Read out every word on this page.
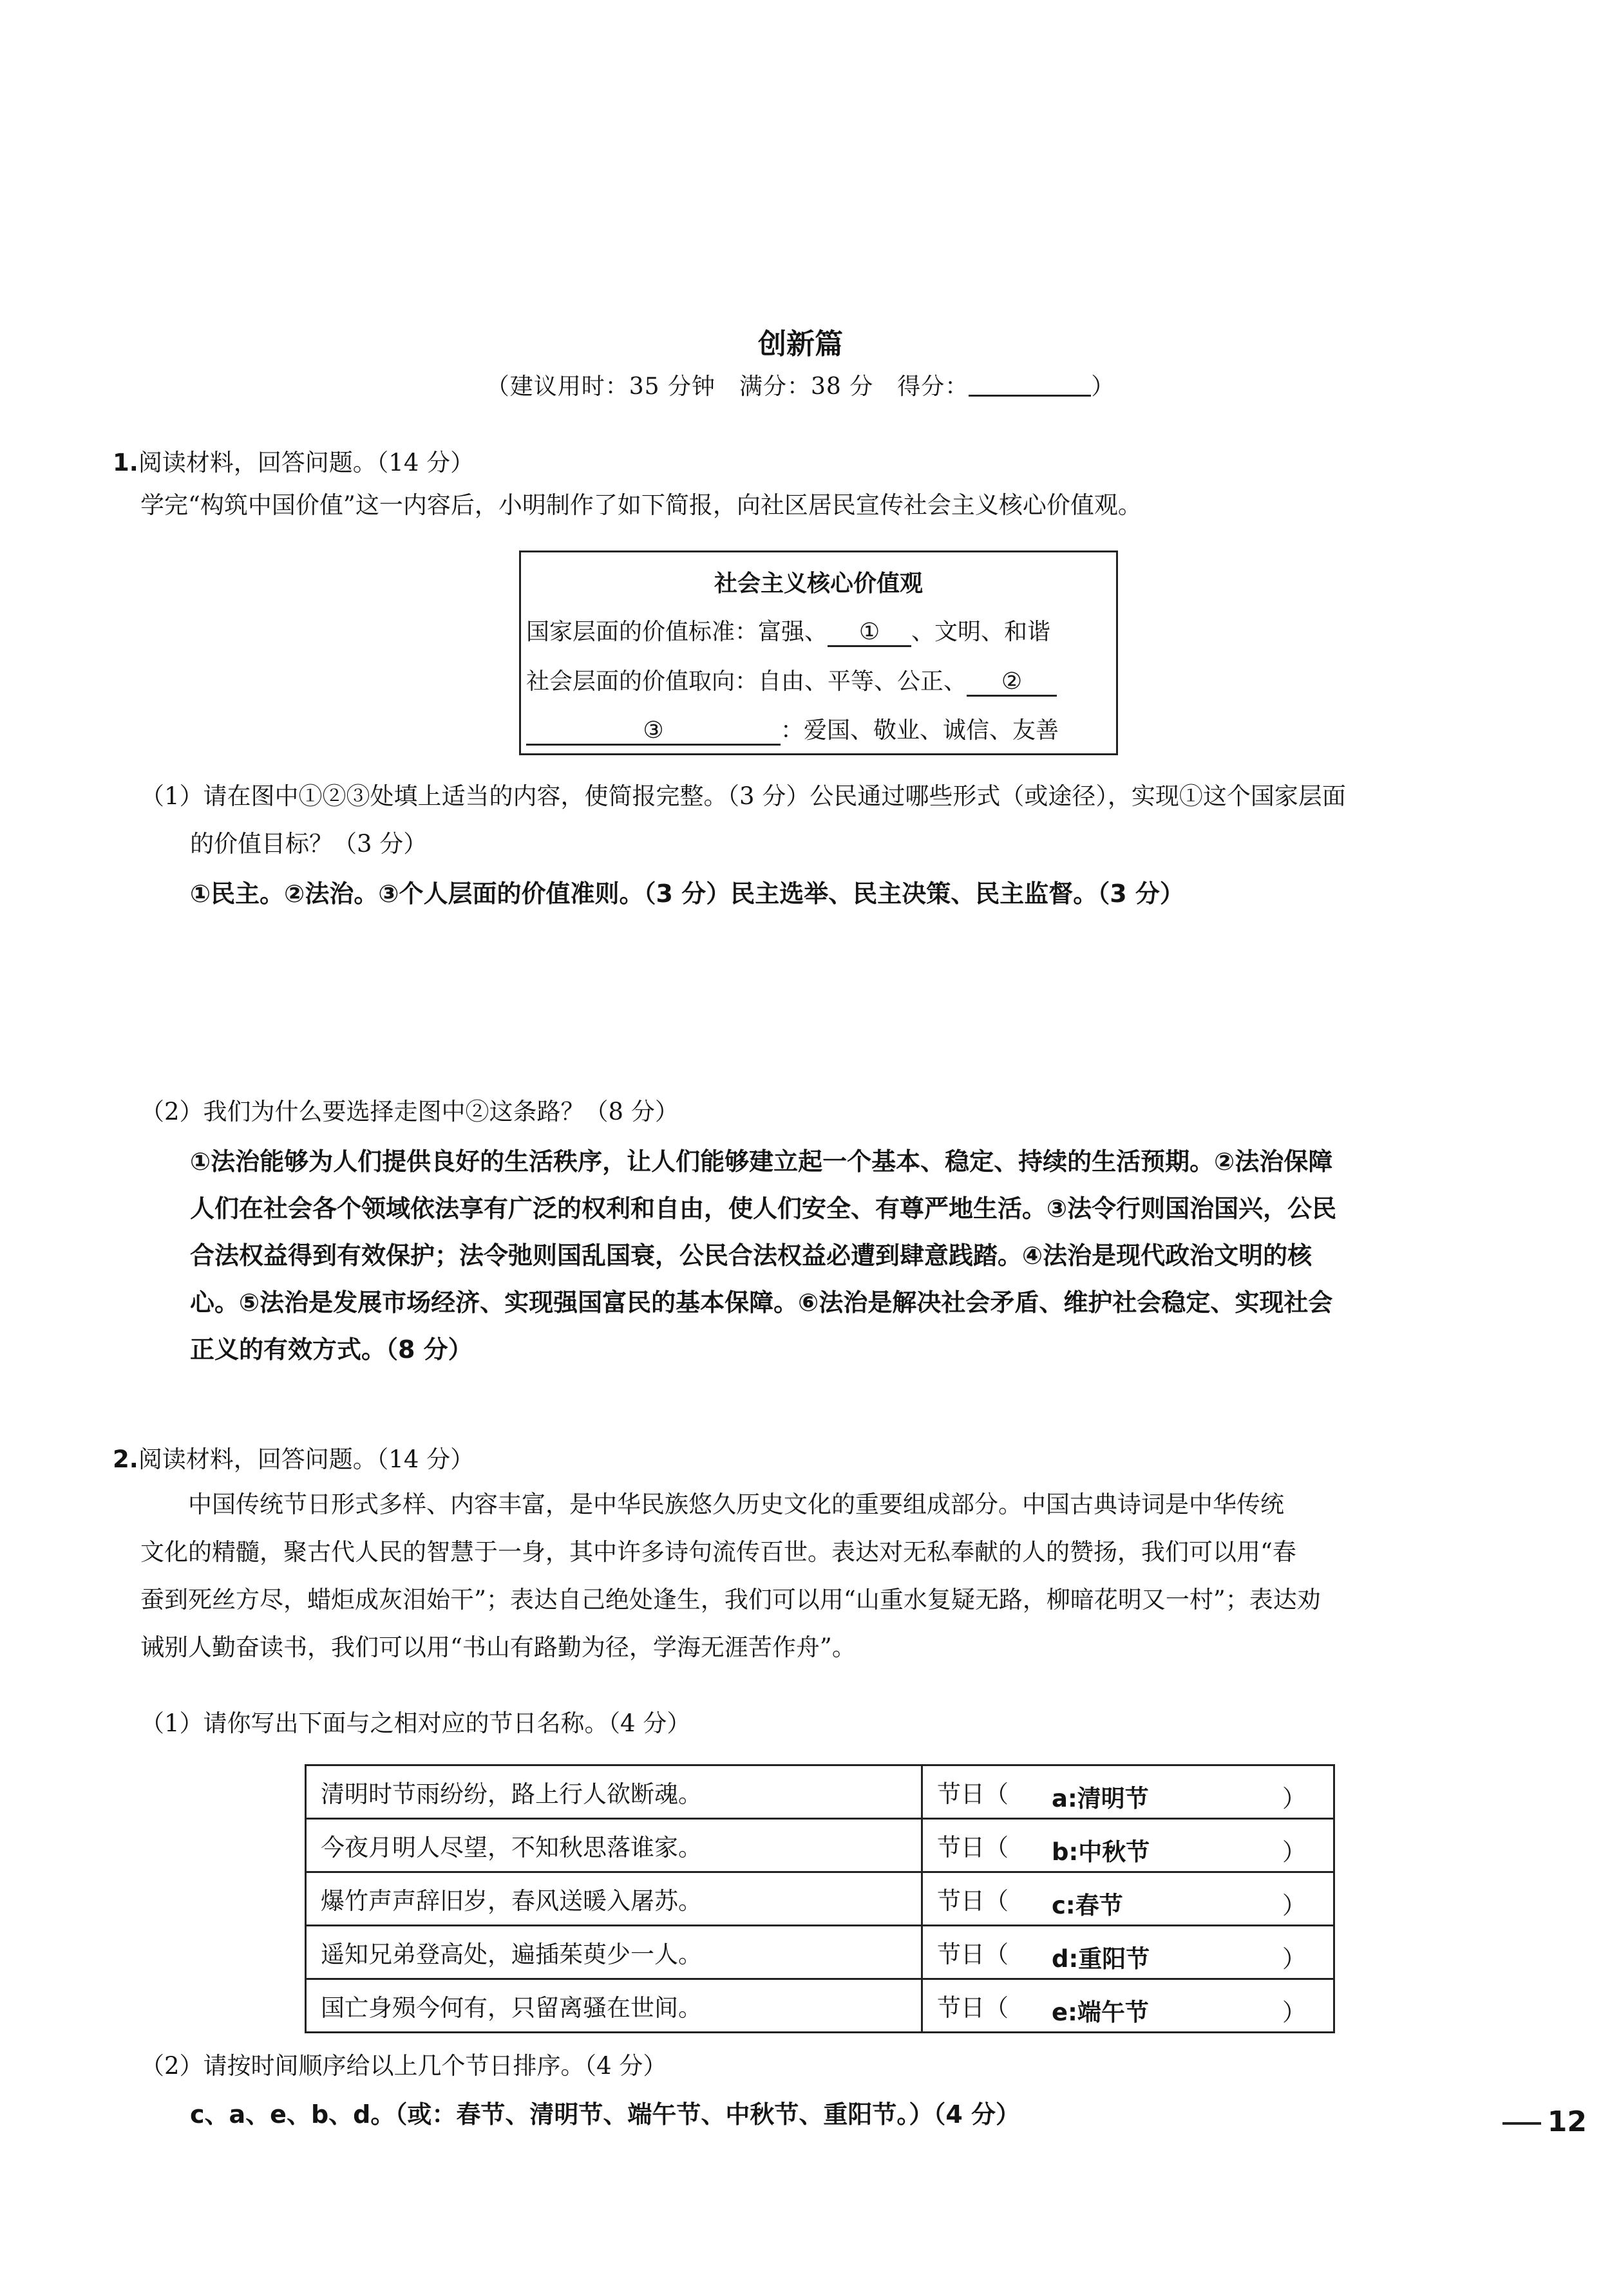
创新篇
（建议用时：35 分钟　满分：38 分　得分：	）
1.阅读材料，回答问题。（14 分）
学完“构筑中国价值”这一内容后，小明制作了如下简报，向社区居民宣传社会主义核心价值观。
社会主义核心价值观
国家层面的价值标准：富强、 ① 、文明、和谐
社会层面的价值取向：自由、平等、公正、 ②
③	：爱国、敬业、诚信、友善
（1）请在图中①②③处填上适当的内容，使简报完整。（3 分）公民通过哪些形式（或途径），实现①这个国家层面
的价值目标？（3 分）
①民主。②法治。③个人层面的价值准则。（3 分）民主选举、民主决策、民主监督。（3 分）
（2）我们为什么要选择走图中②这条路？（8 分）
①法治能够为人们提供良好的生活秩序，让人们能够建立起一个基本、稳定、持续的生活预期。②法治保障
人们在社会各个领域依法享有广泛的权利和自由，使人们安全、有尊严地生活。③法令行则国治国兴，公民
合法权益得到有效保护；法令弛则国乱国衰，公民合法权益必遭到肆意践踏。④法治是现代政治文明的核
心。⑤法治是发展市场经济、实现强国富民的基本保障。⑥法治是解决社会矛盾、维护社会稳定、实现社会
正义的有效方式。（8 分）
2.阅读材料，回答问题。（14 分）
　　中国传统节日形式多样、内容丰富，是中华民族悠久历史文化的重要组成部分。中国古典诗词是中华传统
文化的精髓，聚古代人民的智慧于一身，其中许多诗句流传百世。表达对无私奉献的人的赞扬，我们可以用“春
蚕到死丝方尽，蜡炬成灰泪始干”；表达自己绝处逢生，我们可以用“山重水复疑无路，柳暗花明又一村”；表达劝
诫别人勤奋读书，我们可以用“书山有路勤为径，学海无涯苦作舟”。
（1）请你写出下面与之相对应的节日名称。（4 分）
清明时节雨纷纷，路上行人欲断魂。	节日（ a:清明节 ）

今夜月明人尽望，不知秋思落谁家。	节日（ b:中秋节 ）

爆竹声声辞旧岁，春风送暖入屠苏。	节日（ c:春节 ）

遥知兄弟登高处，遍插茱萸少一人。	节日（ d:重阳节 ）

国亡身殒今何有，只留离骚在世间。	节日（ e:端午节 ）
（2）请按时间顺序给以上几个节日排序。（4 分）
c、a、e、b、d。（或：春节、清明节、端午节、中秋节、重阳节。）（4 分）	12
